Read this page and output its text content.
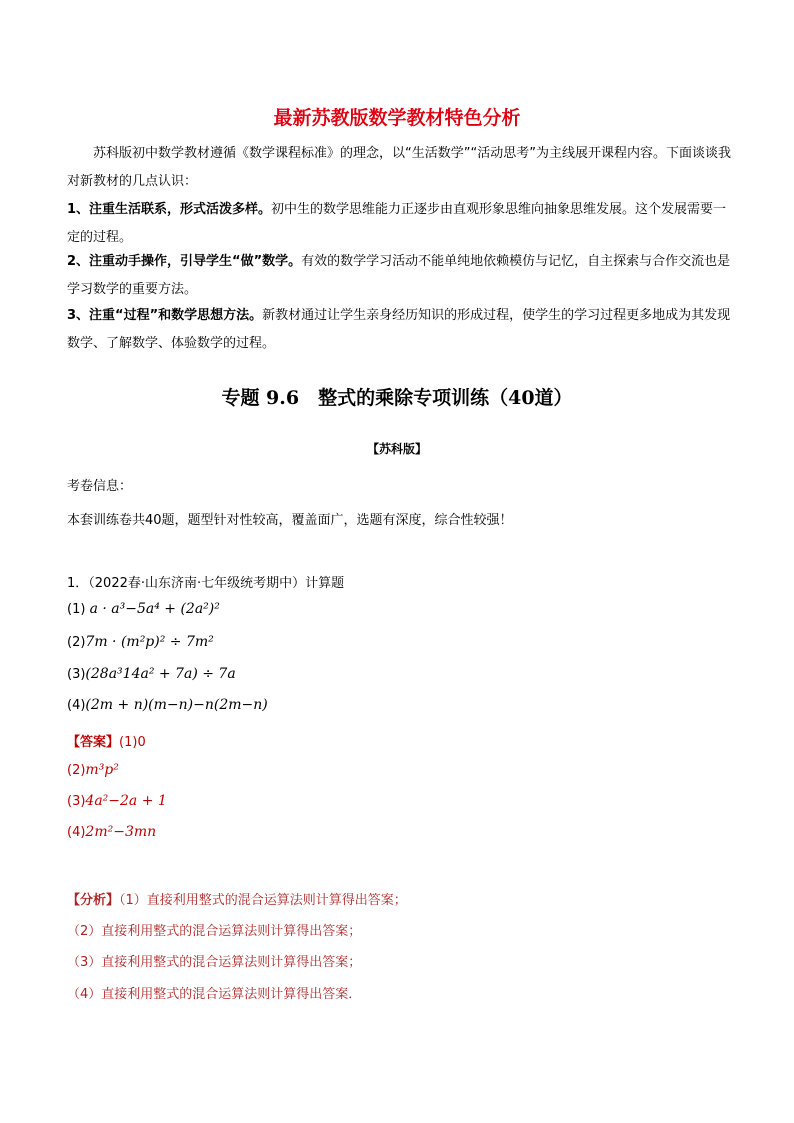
最新苏教版数学教材特色分析

苏科版初中数学教材遵循《数学课程标准》的理念，以“生活数学”“活动思考”为主线展开课程内容。下面谈谈我对新教材的几点认识：

1、注重生活联系，形式活泼多样。初中生的数学思维能力正逐步由直观形象思维向抽象思维发展。这个发展需要一定的过程。

2、注重动手操作，引导学生“做”数学。有效的数学学习活动不能单纯地依赖模仿与记忆，自主探索与合作交流也是学习数学的重要方法。

3、注重“过程”和数学思想方法。新教材通过让学生亲身经历知识的形成过程，使学生的学习过程更多地成为其发现数学、了解数学、体验数学的过程。

专题 9.6　整式的乘除专项训练（40道）
【苏科版】
考卷信息：
本套训练卷共40题，题型针对性较高，覆盖面广，选题有深度，综合性较强！
1．（2022春·山东济南·七年级统考期中）计算题
(1) a · a³−5a⁴ + (2a²)²
(2)7m · (m²p)² ÷ 7m²
(3)(28a³14a² + 7a) ÷ 7a
(4)(2m + n)(m−n)−n(2m−n)
【答案】(1)0
(2)m³p²
(3)4a²−2a + 1
(4)2m²−3mn
【分析】（1）直接利用整式的混合运算法则计算得出答案；
（2）直接利用整式的混合运算法则计算得出答案；
（3）直接利用整式的混合运算法则计算得出答案；
（4）直接利用整式的混合运算法则计算得出答案．
